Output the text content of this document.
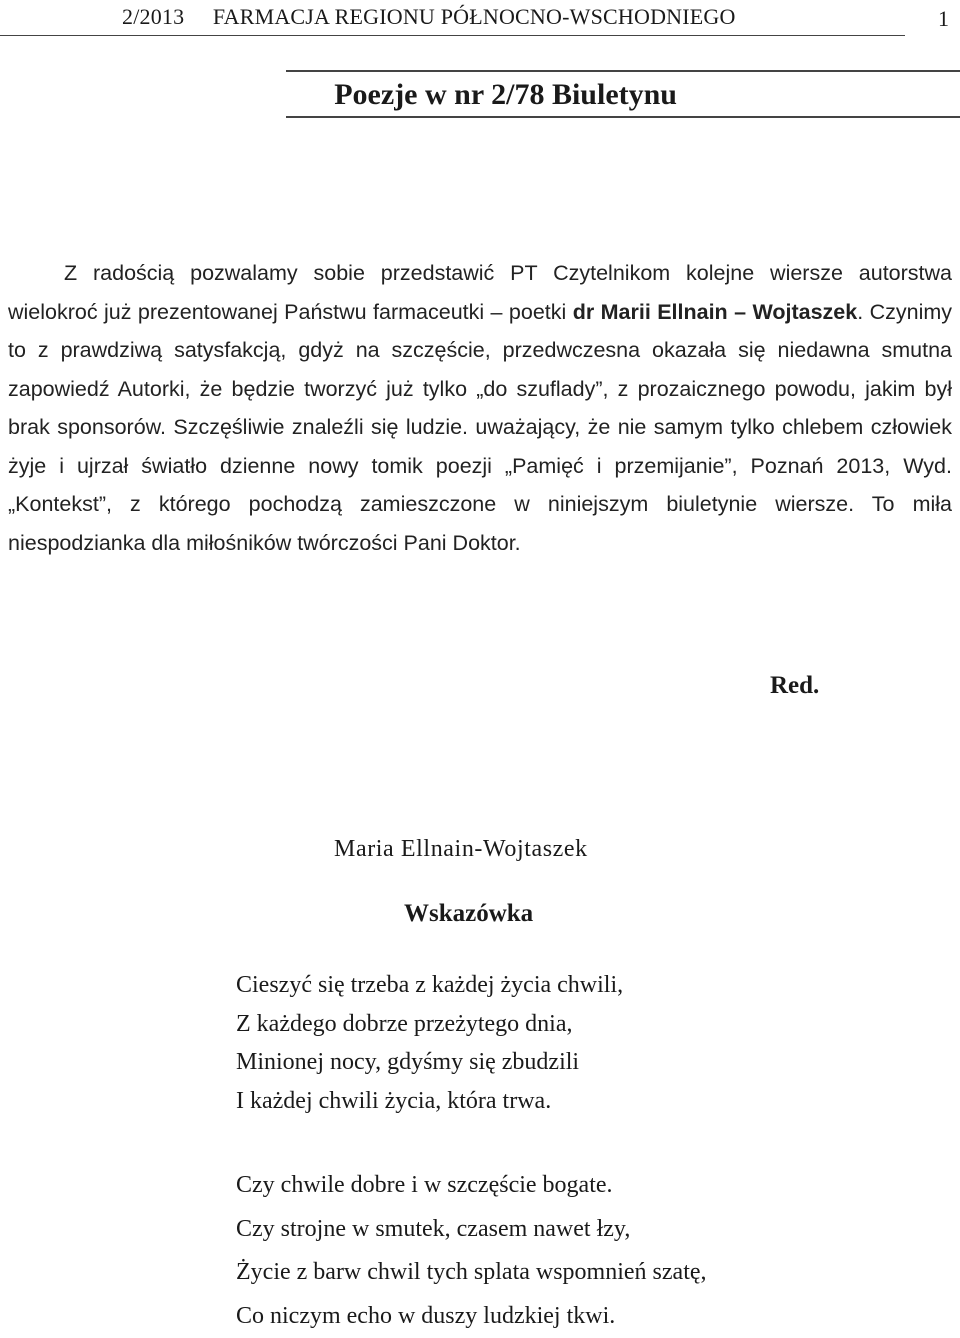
2/2013 FARMACJA REGIONU PÓŁNOCNO-WSCHODNIEGO	1
Poezje w nr 2/78 Biuletynu

Z radością pozwalamy sobie przedstawić PT Czytelnikom kolejne wiersze autorstwa wielokroć już prezentowanej Państwu farmaceutki – poetki dr Marii Ellnain – Wojtaszek. Czynimy to z prawdziwą satysfakcją, gdyż na szczęście, przedwczesna okazała się niedawna smutna zapowiedź Autorki, że będzie tworzyć już tylko „do szuflady”, z prozaicznego powodu, jakim był brak sponsorów. Szczęśliwie znaleźli się ludzie. uważający, że nie samym tylko chlebem człowiek żyje i ujrzał światło dzienne nowy tomik poezji „Pamięć i przemijanie”, Poznań 2013, Wyd. „Kontekst”, z którego pochodzą zamieszczone w niniejszym biuletynie wiersze. To miła niespodzianka dla miłośników twórczości Pani Doktor.

Red.
Maria Ellnain-Wojtaszek
Wskazówka
Cieszyć się trzeba z każdej życia chwili,
Z każdego dobrze przeżytego dnia,
Minionej nocy, gdyśmy się zbudzili
I każdej chwili życia, która trwa.
Czy chwile dobre i w szczęście bogate.
Czy strojne w smutek, czasem nawet łzy,
Życie z barw chwil tych splata wspomnień szatę,
Co niczym echo w duszy ludzkiej tkwi.
